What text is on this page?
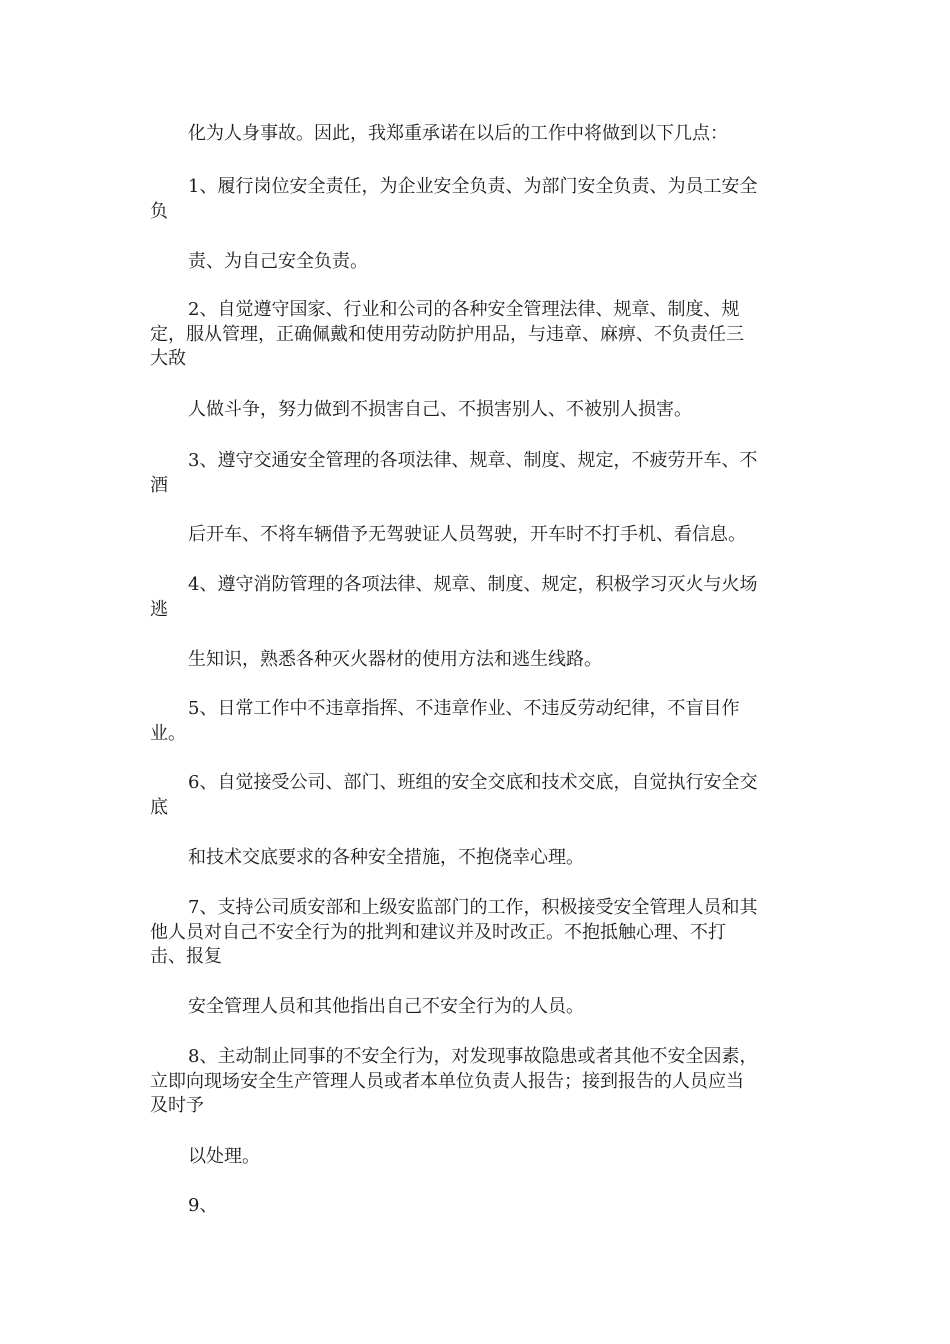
化为人身事故。因此，我郑重承诺在以后的工作中将做到以下几点：

1、履行岗位安全责任，为企业安全负责、为部门安全负责、为员工安全
负

责、为自己安全负责。

2、自觉遵守国家、行业和公司的各种安全管理法律、规章、制度、规
定，服从管理，正确佩戴和使用劳动防护用品，与违章、麻痹、不负责任三
大敌

人做斗争，努力做到不损害自己、不损害别人、不被别人损害。

3、遵守交通安全管理的各项法律、规章、制度、规定，不疲劳开车、不
酒

后开车、不将车辆借予无驾驶证人员驾驶，开车时不打手机、看信息。

4、遵守消防管理的各项法律、规章、制度、规定，积极学习灭火与火场
逃

生知识，熟悉各种灭火器材的使用方法和逃生线路。

5、日常工作中不违章指挥、不违章作业、不违反劳动纪律，不盲目作
业。

6、自觉接受公司、部门、班组的安全交底和技术交底，自觉执行安全交
底

和技术交底要求的各种安全措施，不抱侥幸心理。

7、支持公司质安部和上级安监部门的工作，积极接受安全管理人员和其
他人员对自己不安全行为的批判和建议并及时改正。不抱抵触心理、不打
击、报复

安全管理人员和其他指出自己不安全行为的人员。

8、主动制止同事的不安全行为，对发现事故隐患或者其他不安全因素，
立即向现场安全生产管理人员或者本单位负责人报告；接到报告的人员应当
及时予

以处理。

9、
